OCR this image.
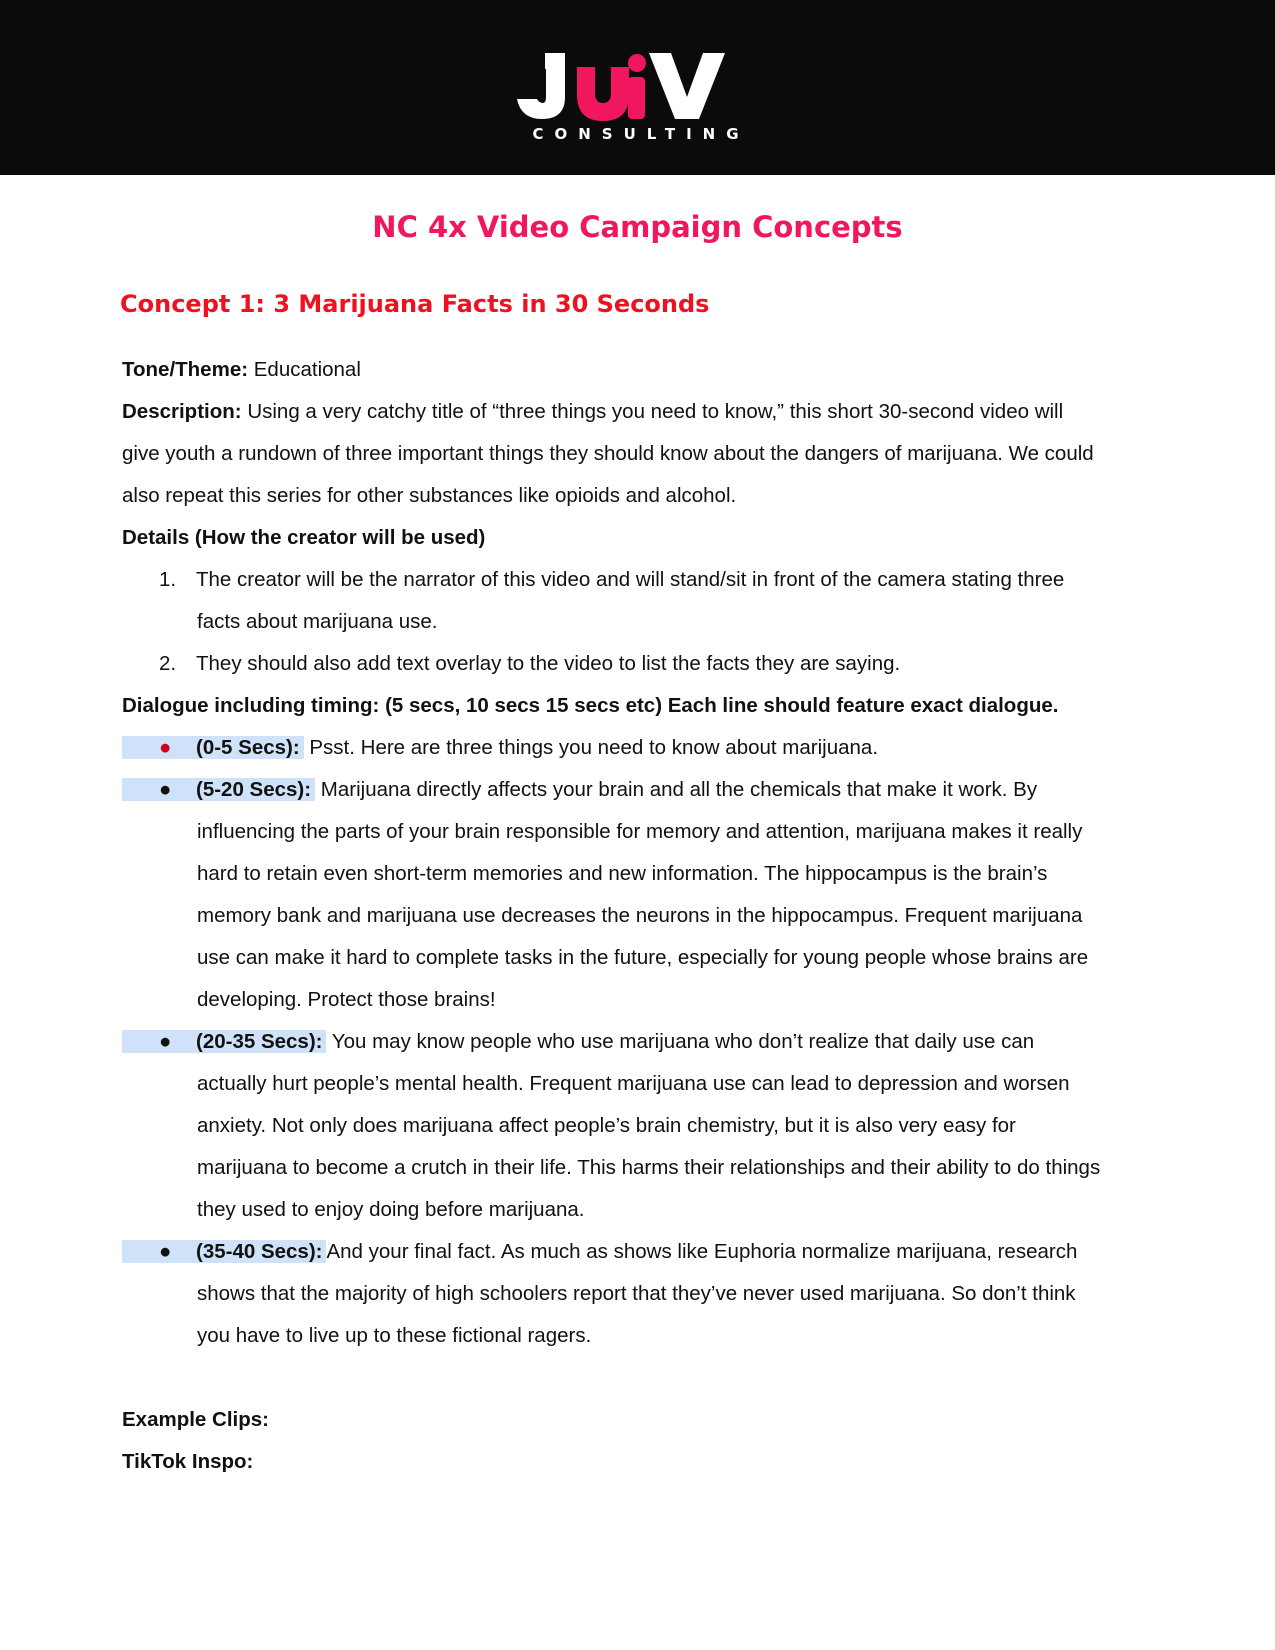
CONSULTING
NC 4x Video Campaign Concepts
Concept 1: 3 Marijuana Facts in 30 Seconds
Tone/Theme: Educational
Description: Using a very catchy title of “three things you need to know,” this short 30-second video will
give youth a rundown of three important things they should know about the dangers of marijuana. We could
also repeat this series for other substances like opioids and alcohol.
Details (How the creator will be used)
1. The creator will be the narrator of this video and will stand/sit in front of the camera stating three
facts about marijuana use.
2. They should also add text overlay to the video to list the facts they are saying.
Dialogue including timing: (5 secs, 10 secs 15 secs etc) Each line should feature exact dialogue.
● (0-5 Secs): Psst. Here are three things you need to know about marijuana.
● (5-20 Secs): Marijuana directly affects your brain and all the chemicals that make it work. By
influencing the parts of your brain responsible for memory and attention, marijuana makes it really
hard to retain even short-term memories and new information. The hippocampus is the brain’s
memory bank and marijuana use decreases the neurons in the hippocampus. Frequent marijuana
use can make it hard to complete tasks in the future, especially for young people whose brains are
developing. Protect those brains!
● (20-35 Secs): You may know people who use marijuana who don’t realize that daily use can
actually hurt people’s mental health. Frequent marijuana use can lead to depression and worsen
anxiety. Not only does marijuana affect people’s brain chemistry, but it is also very easy for
marijuana to become a crutch in their life. This harms their relationships and their ability to do things
they used to enjoy doing before marijuana.
● (35-40 Secs): And your final fact. As much as shows like Euphoria normalize marijuana, research
shows that the majority of high schoolers report that they’ve never used marijuana. So don’t think
you have to live up to these fictional ragers.
Example Clips:
TikTok Inspo:
